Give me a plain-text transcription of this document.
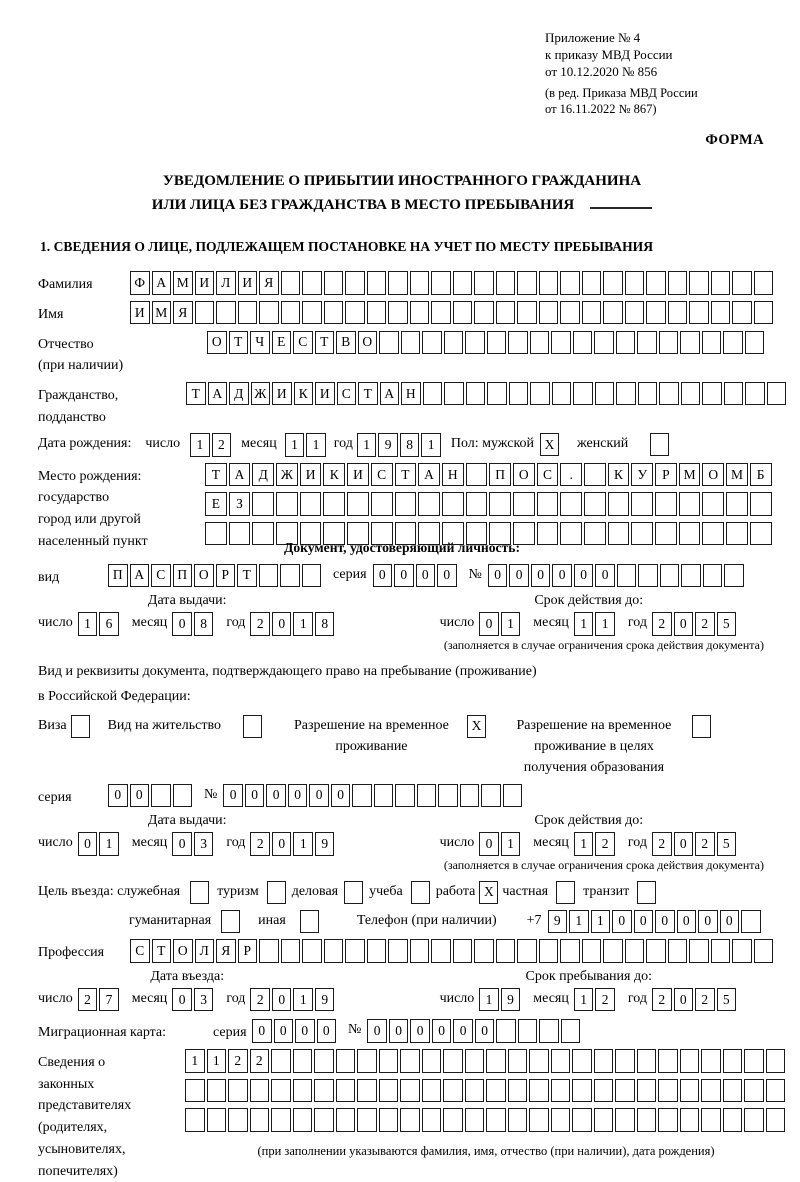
Приложение № 4
к приказу МВД России
от 10.12.2020 № 856
(в ред. Приказа МВД России
от 16.11.2022 № 867)
ФОРМА
УВЕДОМЛЕНИЕ О ПРИБЫТИИ ИНОСТРАННОГО ГРАЖДАНИНА
ИЛИ ЛИЦА БЕЗ ГРАЖДАНСТВА В МЕСТО ПРЕБЫВАНИЯ
1. СВЕДЕНИЯ О ЛИЦЕ, ПОДЛЕЖАЩЕМ ПОСТАНОВКЕ НА УЧЕТ ПО МЕСТУ ПРЕБЫВАНИЯ
Фамилия	Ф А М И Л И Я
Имя	И М Я
Отчество
(при наличии)
О Т Ч Е С Т В О
Гражданство,
подданство
Т А Д Ж И К И С Т А Н
Дата рождения: число	1	2	месяц	1	1	год 1	9	8	1	Пол: мужской X	женский
Место рождения:
государство
город или другой
населенный пункт
Т	А	Д Ж И	К	И	С	Т	А	Н	П	О	С	.	К	У	Р	М О М	Б
Е	З
Документ, удостоверяющий личность:
вид	П А С П О Р	Т	серия 0	0	0	0	№ 0	0	0	0	0	0
Дата выдачи:
число 1	6	месяц 0	8	год 2	0	1	8
Срок действия до:
число 0	1	месяц 1	1	год 2	0	2	5
(заполняется в случае ограничения срока действия документа)
Вид и реквизиты документа, подтверждающего право на пребывание (проживание)
в Российской Федерации:
Виза	Вид на жительство	Разрешение на временное
проживание
X	Разрешение на временное
проживание в целях
получения образования
серия	0	0	№ 0	0	0	0	0	0
Дата выдачи:
число 0	1	месяц 0	3	год 2	0	1	9
Срок действия до:
число 0	1	месяц 1	2	год 2	0	2	5
(заполняется в случае ограничения срока действия документа)
Цель въезда: служебная	туризм деловая учеба работа X частная	транзит
гуманитарная	иная	Телефон (при наличии) +7 9	1	1	0	0	0	0	0	0
Профессия	С Т О Л Я Р
Дата въезда:
число 2	7	месяц 0	3	год 2	0	1	9
Срок пребывания до:
число 1	9	месяц 1	2	год 2	0	2	5
Миграционная карта:	серия 0	0	0	0	№ 0	0	0	0	0	0
Сведения о
законных
представителях
(родителях,
усыновителях,
попечителях)
1	1	2	2
(при заполнении указываются фамилия, имя, отчество (при наличии), дата рождения)
